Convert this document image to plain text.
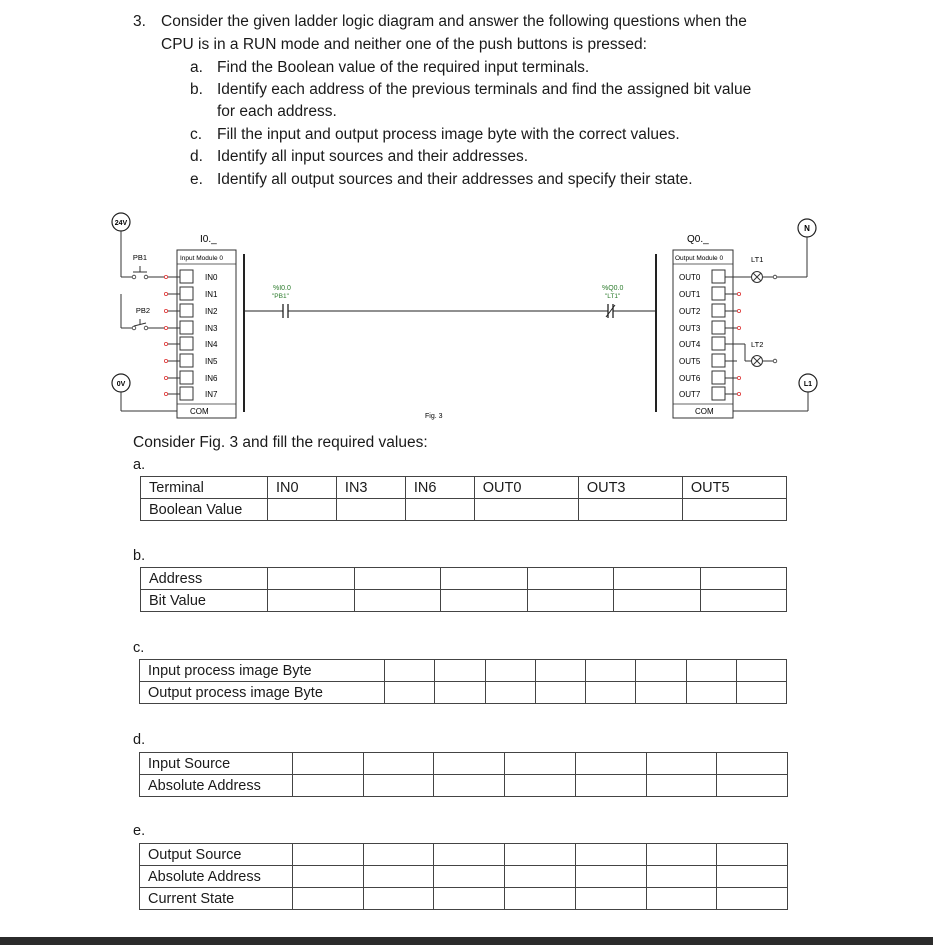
3. Consider the given ladder logic diagram and answer the following questions when the
CPU is in a RUN mode and neither one of the push buttons is pressed:
a. Find the Boolean value of the required input terminals.
b. Identify each address of the previous terminals and find the assigned bit value
for each address.
c. Fill the input and output process image byte with the correct values.
d. Identify all input sources and their addresses.
e. Identify all output sources and their addresses and specify their state.
24V
0V
N
L1
PB1
PB2
I0._
Input Module 0
IN0
IN1
IN2
IN3
IN4
IN5
IN6
IN7
COM
%I0.0
"PB1"
%Q0.0
"LT1"
Fig. 3
Q0._
Output Module 0
OUT0
OUT1
OUT2
OUT3
OUT4
OUT5
OUT6
OUT7
COM
LT1
LT2
Consider Fig. 3 and fill the required values:
a.
Terminal	IN0	IN3	IN6	OUT0	OUT3	OUT5
Boolean Value						
b.
Address						
Bit Value						
c.
Input process image Byte								
Output process image Byte								
d.
Input Source							
Absolute Address							
e.
Output Source							
Absolute Address							
Current State							
